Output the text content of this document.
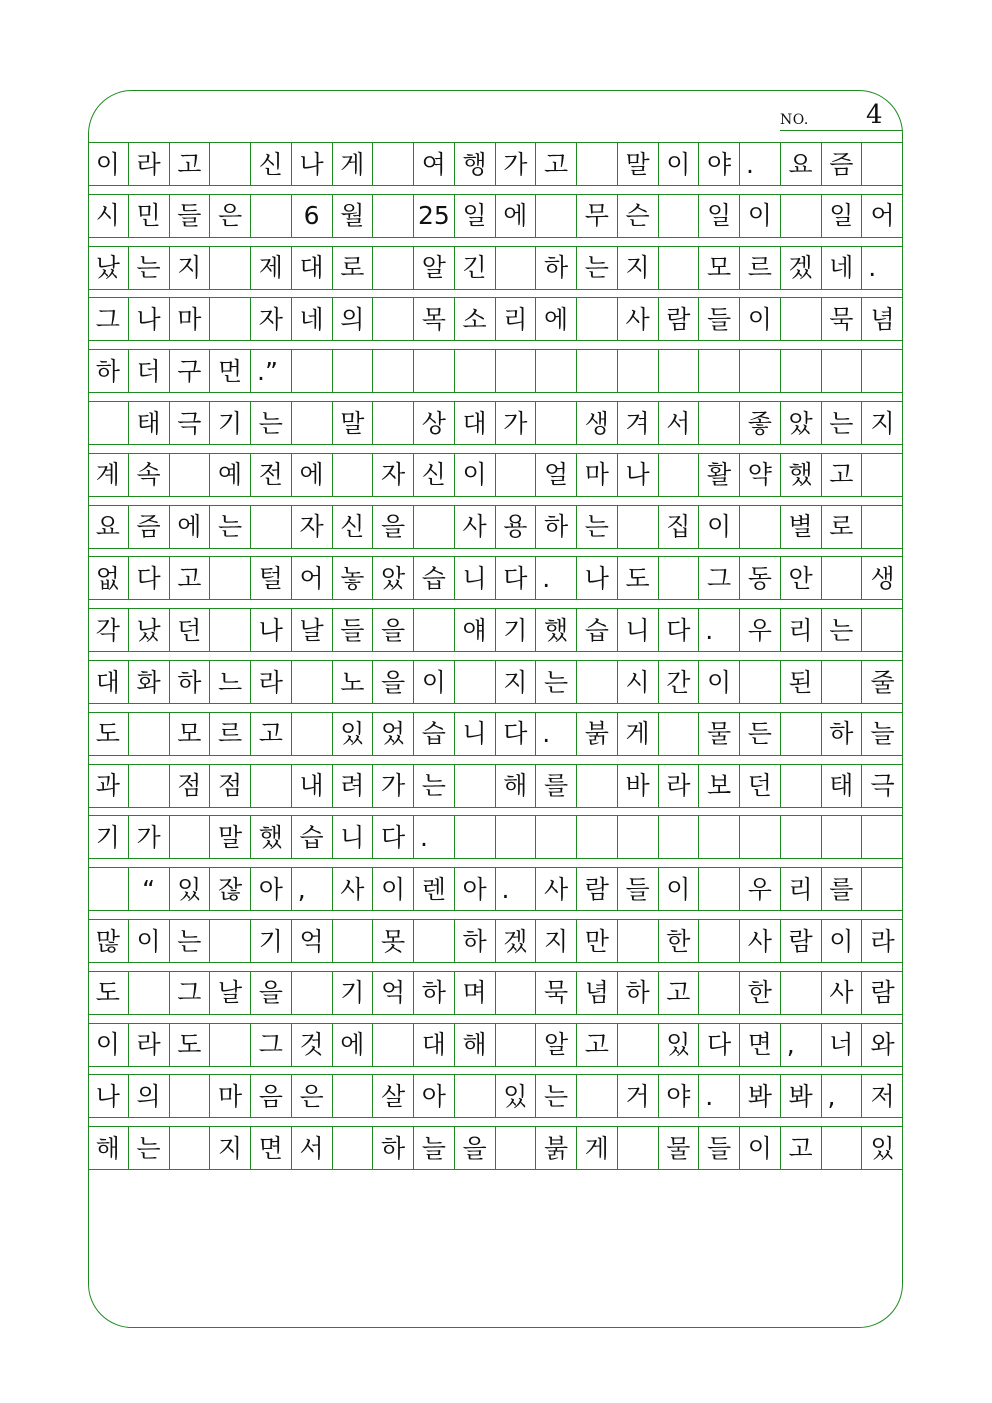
NO. 4
이 라 고	신 나 게	여 행 가 고	말 이 야 .	요 즘
시 민 들 은	6 월	25 일 에	무 슨	일 이	일 어
났 는 지	제 대 로	알 긴	하 는 지	모 르 겠 네 .
그 나 마	자 네 의	목 소 리 에	사 람 들 이	묵 념
하 더 구 먼 .”
태 극 기 는	말	상 대 가	생 겨 서	좋 았 는 지
계 속	예 전 에	자 신 이	얼 마 나	활 약 했 고
요 즘 에 는	자 신 을	사 용 하 는	집 이	별 로
없 다 고	털 어 놓 았 습 니 다 .	나 도	그 동 안	생
각 났 던	나 날 들 을	얘 기 했 습 니 다 .	우 리 는
대 화 하 느 라	노 을 이	지 는	시 간 이	된	줄
도	모 르 고	있 었 습 니 다 .	붉 게	물 든	하 늘
과	점 점	내 려 가 는	해 를	바 라 보 던	태 극
기 가	말 했 습 니 다 .
“ 있 잖 아 ,	사 이 렌 아 .	사 람 들 이	우 리 를
많 이 는	기 억	못	하 겠 지 만	한	사 람 이 라
도	그 날 을	기 억 하 며	묵 념 하 고	한	사 람
이 라 도	그 것 에	대 해	알 고	있 다 면 ,	너 와
나 의	마 음 은	살 아	있 는	거 야 .	봐 봐 ,	저
해 는	지 면 서	하 늘 을	붉 게	물 들 이 고	있
